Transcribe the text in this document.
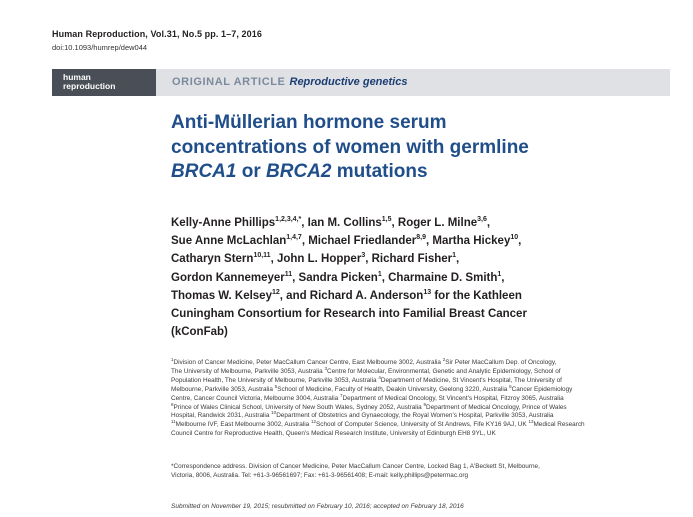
Human Reproduction, Vol.31, No.5 pp. 1–7, 2016
doi:10.1093/humrep/dew044
human
reproduction	ORIGINAL ARTICLE Reproductive genetics
Anti-Müllerian hormone serum
concentrations of women with germline
BRCA1 or BRCA2 mutations

Kelly-Anne Phillips$^{1,2,3,4,*}$, Ian M. Collins$^{1,5}$, Roger L. Milne$^{3,6}$,
Sue Anne McLachlan$^{1,4,7}$, Michael Friedlander$^{8,9}$, Martha Hickey$^{10}$,
Catharyn Stern$^{10,11}$, John L. Hopper$^3$, Richard Fisher$^1$,
Gordon Kannemeyer$^{11}$, Sandra Picken$^1$, Charmaine D. Smith$^1$,
Thomas W. Kelsey$^{12}$, and Richard A. Anderson$^{13}$ for the Kathleen
Cuningham Consortium for Research into Familial Breast Cancer
(kConFab)

$^1$Division of Cancer Medicine, Peter MacCallum Cancer Centre, East Melbourne 3002, Australia $^2$Sir Peter MacCallum Dep. of Oncology,
The University of Melbourne, Parkville 3053, Australia $^3$Centre for Molecular, Environmental, Genetic and Analytic Epidemiology, School of
Population Health, The University of Melbourne, Parkville 3053, Australia $^4$Department of Medicine, St Vincent's Hospital, The University of
Melbourne, Parkville 3053, Australia $^5$School of Medicine, Faculty of Health, Deakin University, Geelong 3220, Australia $^6$Cancer Epidemiology
Centre, Cancer Council Victoria, Melbourne 3004, Australia $^7$Department of Medical Oncology, St Vincent's Hospital, Fitzroy 3065, Australia
$^8$Prince of Wales Clinical School, University of New South Wales, Sydney 2052, Australia $^9$Department of Medical Oncology, Prince of Wales
Hospital, Randwick 2031, Australia $^{10}$Department of Obstetrics and Gynaecology, the Royal Women's Hospital, Parkville 3053, Australia
$^{11}$Melbourne IVF, East Melbourne 3002, Australia $^{12}$School of Computer Science, University of St Andrews, Fife KY16 9AJ, UK $^{13}$Medical Research
Council Centre for Reproductive Health, Queen's Medical Research Institute, University of Edinburgh EH8 9YL, UK

*Correspondence address. Division of Cancer Medicine, Peter MacCallum Cancer Centre, Locked Bag 1, A'Beckett St, Melbourne,
Victoria, 8006, Australia. Tel: +61-3-96561697; Fax: +61-3-96561408; E-mail: kelly.phillips@petermac.org

Submitted on November 19, 2015; resubmitted on February 10, 2016; accepted on February 18, 2016
